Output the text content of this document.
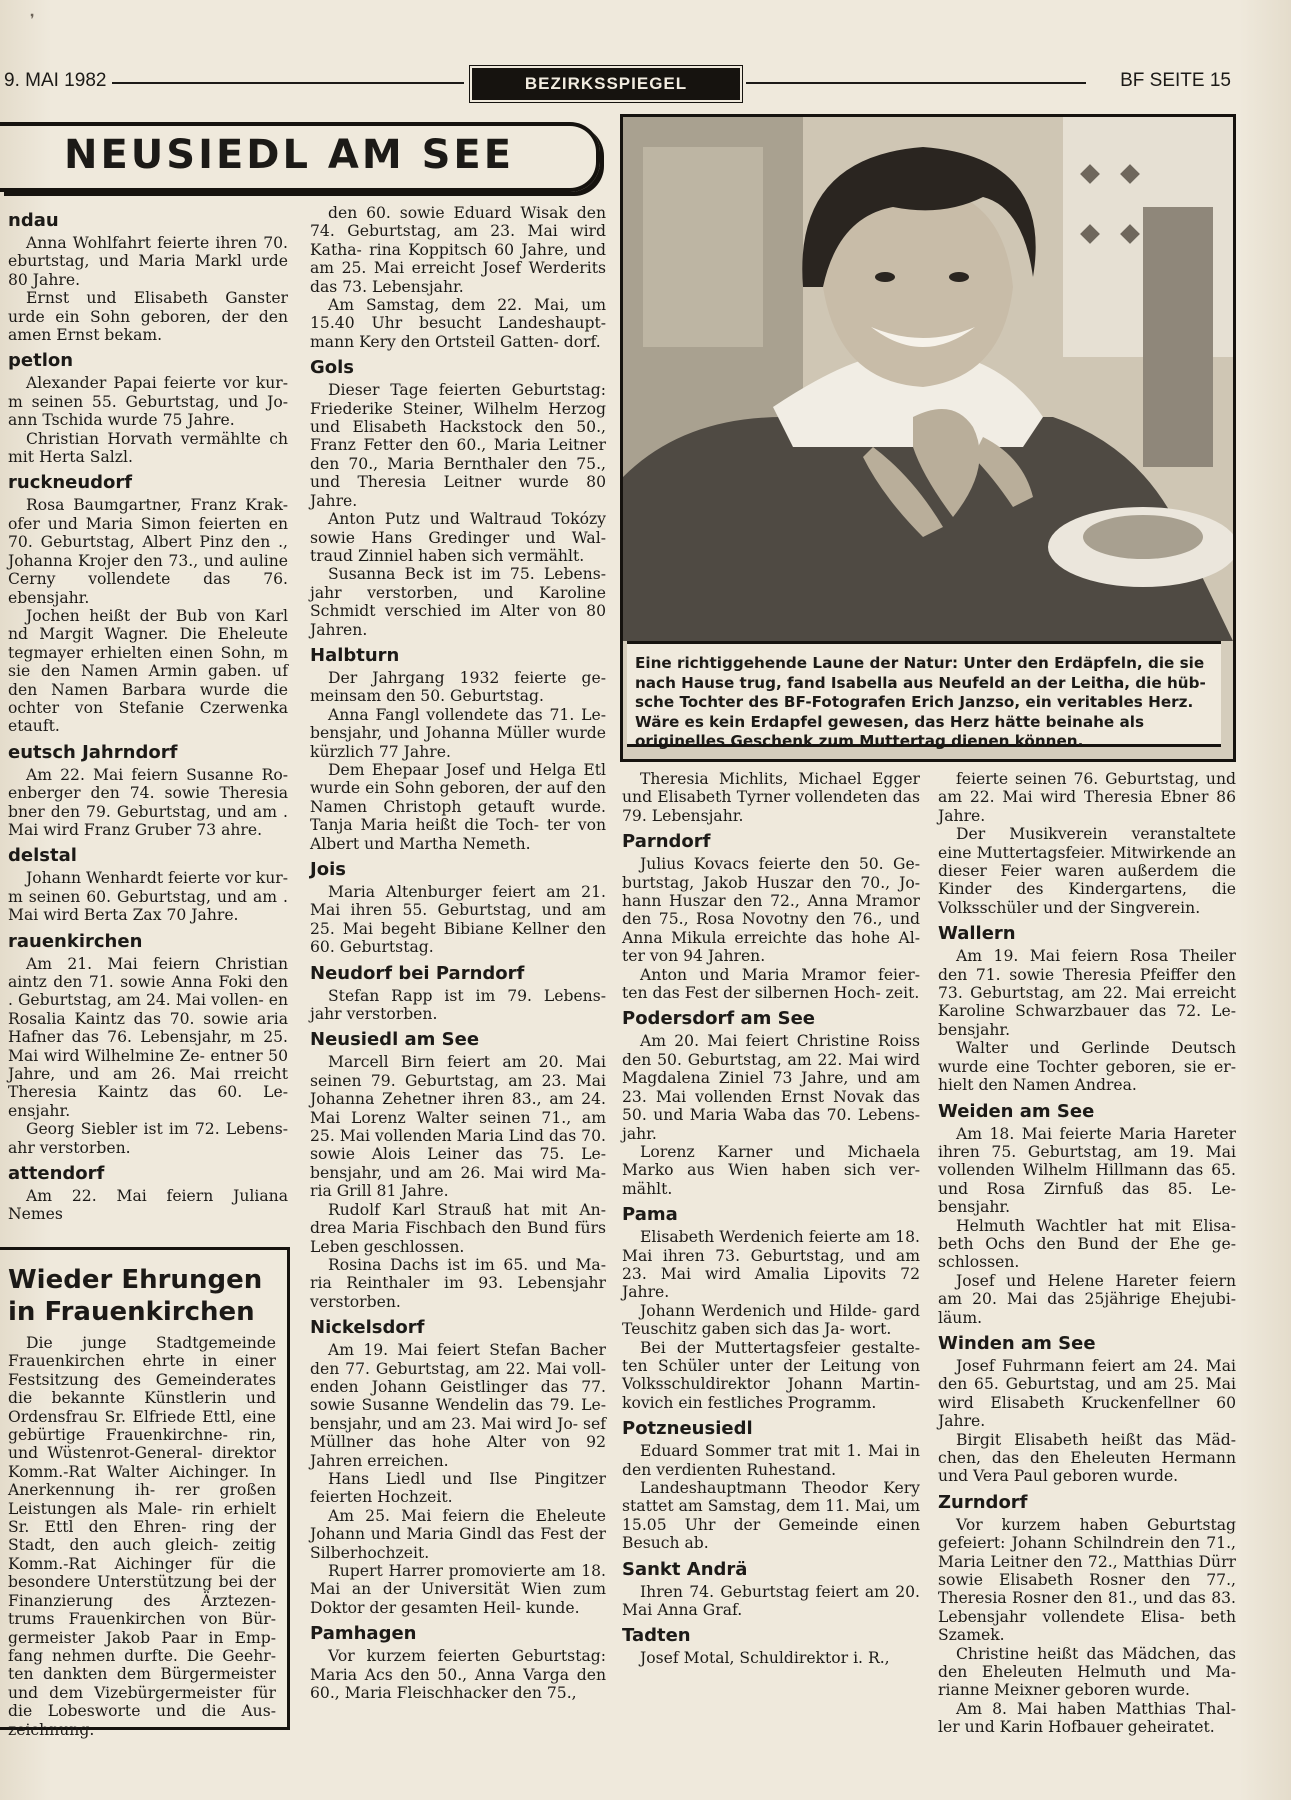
❜
9. MAI 1982	BEZIRKSSPIEGEL	BF SEITE 15
NEUSIEDL AM SEE
ndau

Anna Wohlfahrt feierte ihren 70. eburtstag, und Maria Markl urde 80 Jahre.

Ernst und Elisabeth Ganster urde ein Sohn geboren, der den amen Ernst bekam.

petlon

Alexander Papai feierte vor kur- m seinen 55. Geburtstag, und Jo- ann Tschida wurde 75 Jahre.

Christian Horvath vermählte ch mit Herta Salzl.

ruckneudorf

Rosa Baumgartner, Franz Krak- ofer und Maria Simon feierten en 70. Geburtstag, Albert Pinz den ., Johanna Krojer den 73., und auline Cerny vollendete das 76. ebensjahr.

Jochen heißt der Bub von Karl nd Margit Wagner. Die Eheleute tegmayer erhielten einen Sohn, m sie den Namen Armin gaben. uf den Namen Barbara wurde die ochter von Stefanie Czerwenka etauft.

eutsch Jahrndorf

Am 22. Mai feiern Susanne Ro- enberger den 74. sowie Theresia bner den 79. Geburtstag, und am . Mai wird Franz Gruber 73 ahre.

delstal

Johann Wenhardt feierte vor kur- m seinen 60. Geburtstag, und am . Mai wird Berta Zax 70 Jahre.

rauenkirchen

Am 21. Mai feiern Christian aintz den 71. sowie Anna Foki den . Geburtstag, am 24. Mai vollen- en Rosalia Kaintz das 70. sowie aria Hafner das 76. Lebensjahr, m 25. Mai wird Wilhelmine Ze- entner 50 Jahre, und am 26. Mai rreicht Theresia Kaintz das 60. Le- ensjahr.

Georg Siebler ist im 72. Lebens- ahr verstorben.

attendorf

Am 22. Mai feiern Juliana Nemes

Wieder Ehrungen
in Frauenkirchen

Die junge Stadtgemeinde Frauenkirchen ehrte in einer Festsitzung des Gemeinderates die bekannte Künstlerin und Ordensfrau Sr. Elfriede Ettl, eine gebürtige Frauenkirchne- rin, und Wüstenrot-General- direktor Komm.-Rat Walter Aichinger. In Anerkennung ih- rer großen Leistungen als Male- rin erhielt Sr. Ettl den Ehren- ring der Stadt, den auch gleich- zeitig Komm.-Rat Aichinger für die besondere Unterstützung bei der Finanzierung des Ärztezen- trums Frauenkirchen von Bür- germeister Jakob Paar in Emp- fang nehmen durfte. Die Geehr- ten dankten dem Bürgermeister und dem Vizebürgermeister für die Lobesworte und die Aus- zeichnung.

den 60. sowie Eduard Wisak den 74. Geburtstag, am 23. Mai wird Katha- rina Koppitsch 60 Jahre, und am 25. Mai erreicht Josef Werderits das 73. Lebensjahr.

Am Samstag, dem 22. Mai, um 15.40 Uhr besucht Landeshaupt- mann Kery den Ortsteil Gatten- dorf.

Gols

Dieser Tage feierten Geburtstag: Friederike Steiner, Wilhelm Herzog und Elisabeth Hackstock den 50., Franz Fetter den 60., Maria Leitner den 70., Maria Bernthaler den 75., und Theresia Leitner wurde 80 Jahre.

Anton Putz und Waltraud Tokózy sowie Hans Gredinger und Wal- traud Zinniel haben sich vermählt.

Susanna Beck ist im 75. Lebens- jahr verstorben, und Karoline Schmidt verschied im Alter von 80 Jahren.

Halbturn

Der Jahrgang 1932 feierte ge- meinsam den 50. Geburtstag.

Anna Fangl vollendete das 71. Le- bensjahr, und Johanna Müller wurde kürzlich 77 Jahre.

Dem Ehepaar Josef und Helga Etl wurde ein Sohn geboren, der auf den Namen Christoph getauft wurde. Tanja Maria heißt die Toch- ter von Albert und Martha Nemeth.

Jois

Maria Altenburger feiert am 21. Mai ihren 55. Geburtstag, und am 25. Mai begeht Bibiane Kellner den 60. Geburtstag.

Neudorf bei Parndorf

Stefan Rapp ist im 79. Lebens- jahr verstorben.

Neusiedl am See

Marcell Birn feiert am 20. Mai seinen 79. Geburtstag, am 23. Mai Johanna Zehetner ihren 83., am 24. Mai Lorenz Walter seinen 71., am 25. Mai vollenden Maria Lind das 70. sowie Alois Leiner das 75. Le- bensjahr, und am 26. Mai wird Ma- ria Grill 81 Jahre.

Rudolf Karl Strauß hat mit An- drea Maria Fischbach den Bund fürs Leben geschlossen.

Rosina Dachs ist im 65. und Ma- ria Reinthaler im 93. Lebensjahr verstorben.

Nickelsdorf

Am 19. Mai feiert Stefan Bacher den 77. Geburtstag, am 22. Mai voll- enden Johann Geistlinger das 77. sowie Susanne Wendelin das 79. Le- bensjahr, und am 23. Mai wird Jo- sef Müllner das hohe Alter von 92 Jahren erreichen.

Hans Liedl und Ilse Pingitzer feierten Hochzeit.

Am 25. Mai feiern die Eheleute Johann und Maria Gindl das Fest der Silberhochzeit.

Rupert Harrer promovierte am 18. Mai an der Universität Wien zum Doktor der gesamten Heil- kunde.

Pamhagen

Vor kurzem feierten Geburtstag: Maria Acs den 50., Anna Varga den 60., Maria Fleischhacker den 75.,

Eine richtiggehende Laune der Natur: Unter den Erdäpfeln, die sie nach Hause trug, fand Isabella aus Neufeld an der Leitha, die hüb- sche Tochter des BF-Fotografen Erich Janzso, ein veritables Herz. Wäre es kein Erdapfel gewesen, das Herz hätte beinahe als originelles Geschenk zum Muttertag dienen können.

Theresia Michlits, Michael Egger und Elisabeth Tyrner vollendeten das 79. Lebensjahr.

Parndorf

Julius Kovacs feierte den 50. Ge- burtstag, Jakob Huszar den 70., Jo- hann Huszar den 72., Anna Mramor den 75., Rosa Novotny den 76., und Anna Mikula erreichte das hohe Al- ter von 94 Jahren.

Anton und Maria Mramor feier- ten das Fest der silbernen Hoch- zeit.

Podersdorf am See

Am 20. Mai feiert Christine Roiss den 50. Geburtstag, am 22. Mai wird Magdalena Ziniel 73 Jahre, und am 23. Mai vollenden Ernst Novak das 50. und Maria Waba das 70. Lebens- jahr.

Lorenz Karner und Michaela Marko aus Wien haben sich ver- mählt.

Pama

Elisabeth Werdenich feierte am 18. Mai ihren 73. Geburtstag, und am 23. Mai wird Amalia Lipovits 72 Jahre.

Johann Werdenich und Hilde- gard Teuschitz gaben sich das Ja- wort.

Bei der Muttertagsfeier gestalte- ten Schüler unter der Leitung von Volksschuldirektor Johann Martin- kovich ein festliches Programm.

Potzneusiedl

Eduard Sommer trat mit 1. Mai in den verdienten Ruhestand.

Landeshauptmann Theodor Kery stattet am Samstag, dem 11. Mai, um 15.05 Uhr der Gemeinde einen Besuch ab.

Sankt Andrä

Ihren 74. Geburtstag feiert am 20. Mai Anna Graf.

Tadten

Josef Motal, Schuldirektor i. R.,

feierte seinen 76. Geburtstag, und am 22. Mai wird Theresia Ebner 86 Jahre.

Der Musikverein veranstaltete eine Muttertagsfeier. Mitwirkende an dieser Feier waren außerdem die Kinder des Kindergartens, die Volksschüler und der Singverein.

Wallern

Am 19. Mai feiern Rosa Theiler den 71. sowie Theresia Pfeiffer den 73. Geburtstag, am 22. Mai erreicht Karoline Schwarzbauer das 72. Le- bensjahr.

Walter und Gerlinde Deutsch wurde eine Tochter geboren, sie er- hielt den Namen Andrea.

Weiden am See

Am 18. Mai feierte Maria Hareter ihren 75. Geburtstag, am 19. Mai vollenden Wilhelm Hillmann das 65. und Rosa Zirnfuß das 85. Le- bensjahr.

Helmuth Wachtler hat mit Elisa- beth Ochs den Bund der Ehe ge- schlossen.

Josef und Helene Hareter feiern am 20. Mai das 25jährige Ehejubi- läum.

Winden am See

Josef Fuhrmann feiert am 24. Mai den 65. Geburtstag, und am 25. Mai wird Elisabeth Kruckenfellner 60 Jahre.

Birgit Elisabeth heißt das Mäd- chen, das den Eheleuten Hermann und Vera Paul geboren wurde.

Zurndorf

Vor kurzem haben Geburtstag gefeiert: Johann Schilndrein den 71., Maria Leitner den 72., Matthias Dürr sowie Elisabeth Rosner den 77., Theresia Rosner den 81., und das 83. Lebensjahr vollendete Elisa- beth Szamek.

Christine heißt das Mädchen, das den Eheleuten Helmuth und Ma- rianne Meixner geboren wurde.

Am 8. Mai haben Matthias Thal- ler und Karin Hofbauer geheiratet.
